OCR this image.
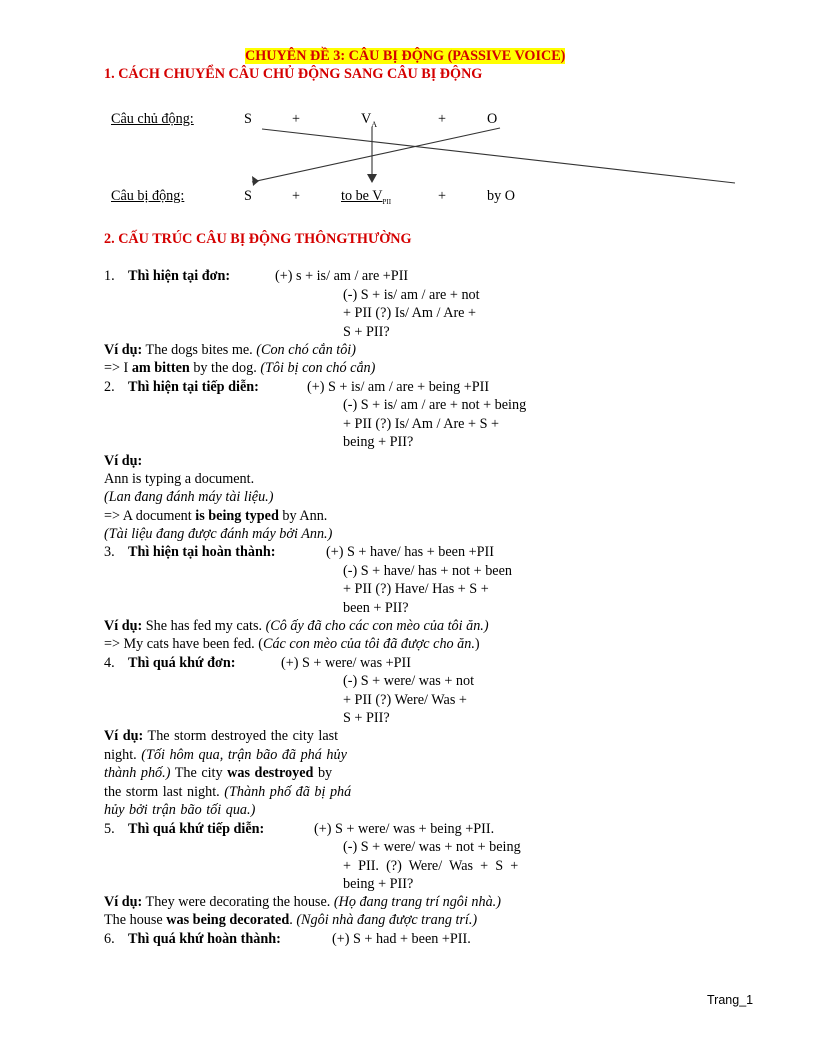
CHUYÊN ĐỀ 3: CÂU BỊ ĐỘNG (PASSIVE VOICE)
1. CÁCH CHUYỂN CÂU CHỦ ĐỘNG SANG CÂU BỊ ĐỘNG
Câu chủ động:	S	+	$V_A$	+	O
Câu bị động:	S	+	to be $V_{PII}$	+	by O
2. CẤU TRÚC CÂU BỊ ĐỘNG THÔNGTHƯỜNG
1. Thì hiện tại đơn:	(+) s + is/ am / are +PII
(-) S + is/ am / are + not
+ PII (?) Is/ Am / Are +
S + PII?
Ví dụ: The dogs bites me. (Con chó cắn tôi)
=> I am bitten by the dog. (Tôi bị con chó cắn)
2. Thì hiện tại tiếp diễn:	(+) S + is/ am / are + being +PII
(-) S + is/ am / are + not + being
+ PII (?) Is/ Am / Are + S +
being + PII?
Ví dụ:
Ann is typing a document.
(Lan đang đánh máy tài liệu.)
=> A document is being typed by Ann.
(Tài liệu đang được đánh máy bởi Ann.)
3. Thì hiện tại hoàn thành:	(+) S + have/ has + been +PII
(-) S + have/ has + not + been
+ PII (?) Have/ Has + S +
been + PII?
Ví dụ: She has fed my cats. (Cô ấy đã cho các con mèo của tôi ăn.)
=> My cats have been fed. (Các con mèo của tôi đã được cho ăn.)
4. Thì quá khứ đơn:	(+) S + were/ was +PII
(-) S + were/ was + not
+ PII (?) Were/ Was +
S + PII?
Ví dụ: The storm destroyed the city last
night. (Tối hôm qua, trận bão đã phá hủy
thành phố.) The city was destroyed by
the storm last night. (Thành phố đã bị phá
hủy bởi trận bão tối qua.)
5. Thì quá khứ tiếp diễn:	(+) S + were/ was + being +PII.
(-) S + were/ was + not + being
+  PII.  (?)  Were/  Was  +  S  +
being + PII?
Ví dụ: They were decorating the house. (Họ đang trang trí ngôi nhà.)
The house was being decorated. (Ngôi nhà đang được trang trí.)
6. Thì quá khứ hoàn thành:	(+) S + had + been +PII.
Trang_1
